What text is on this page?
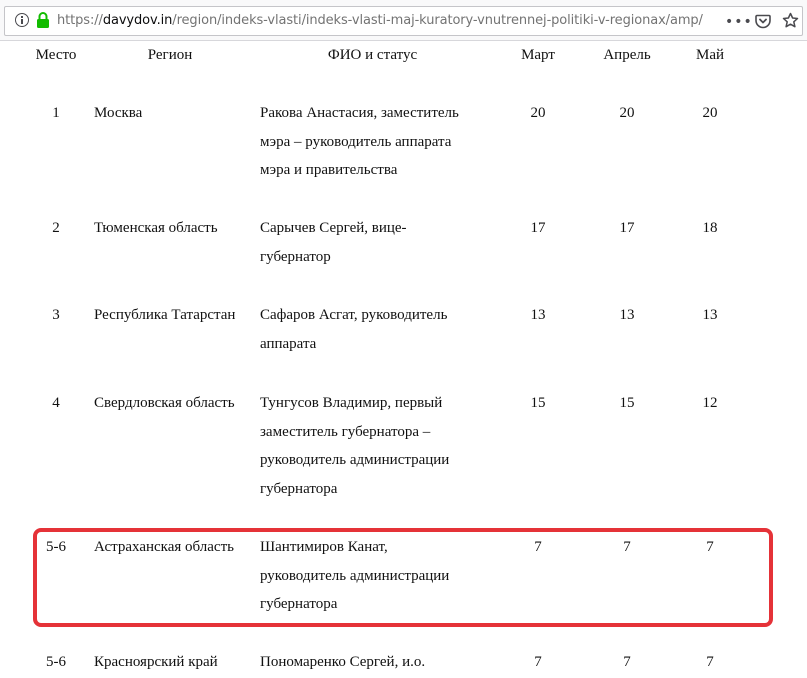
https://davydov.in/region/indeks-vlasti/indeks-vlasti-maj-kuratory-vnutrennej-politiki-v-regionax/amp/ •••
Место	Регион	ФИО и статус	Март	Апрель	Май
1	Москва	Ракова Анастасия, заместитель
мэра – руководитель аппарата
мэра и правительства
20	20	20
2	Тюменская область	Сарычев Сергей, вице-
губернатор
17	17	18
3	Республика Татарстан	Сафаров Асгат, руководитель
аппарата
13	13	13
4	Свердловская область	Тунгусов Владимир, первый
заместитель губернатора –
руководитель администрации
губернатора
15	15	12
5-6	Астраханская область	Шантимиров Канат,
руководитель администрации
губернатора
7	7	7
5-6	Красноярский край	Пономаренко Сергей, и.о.	7	7	7
